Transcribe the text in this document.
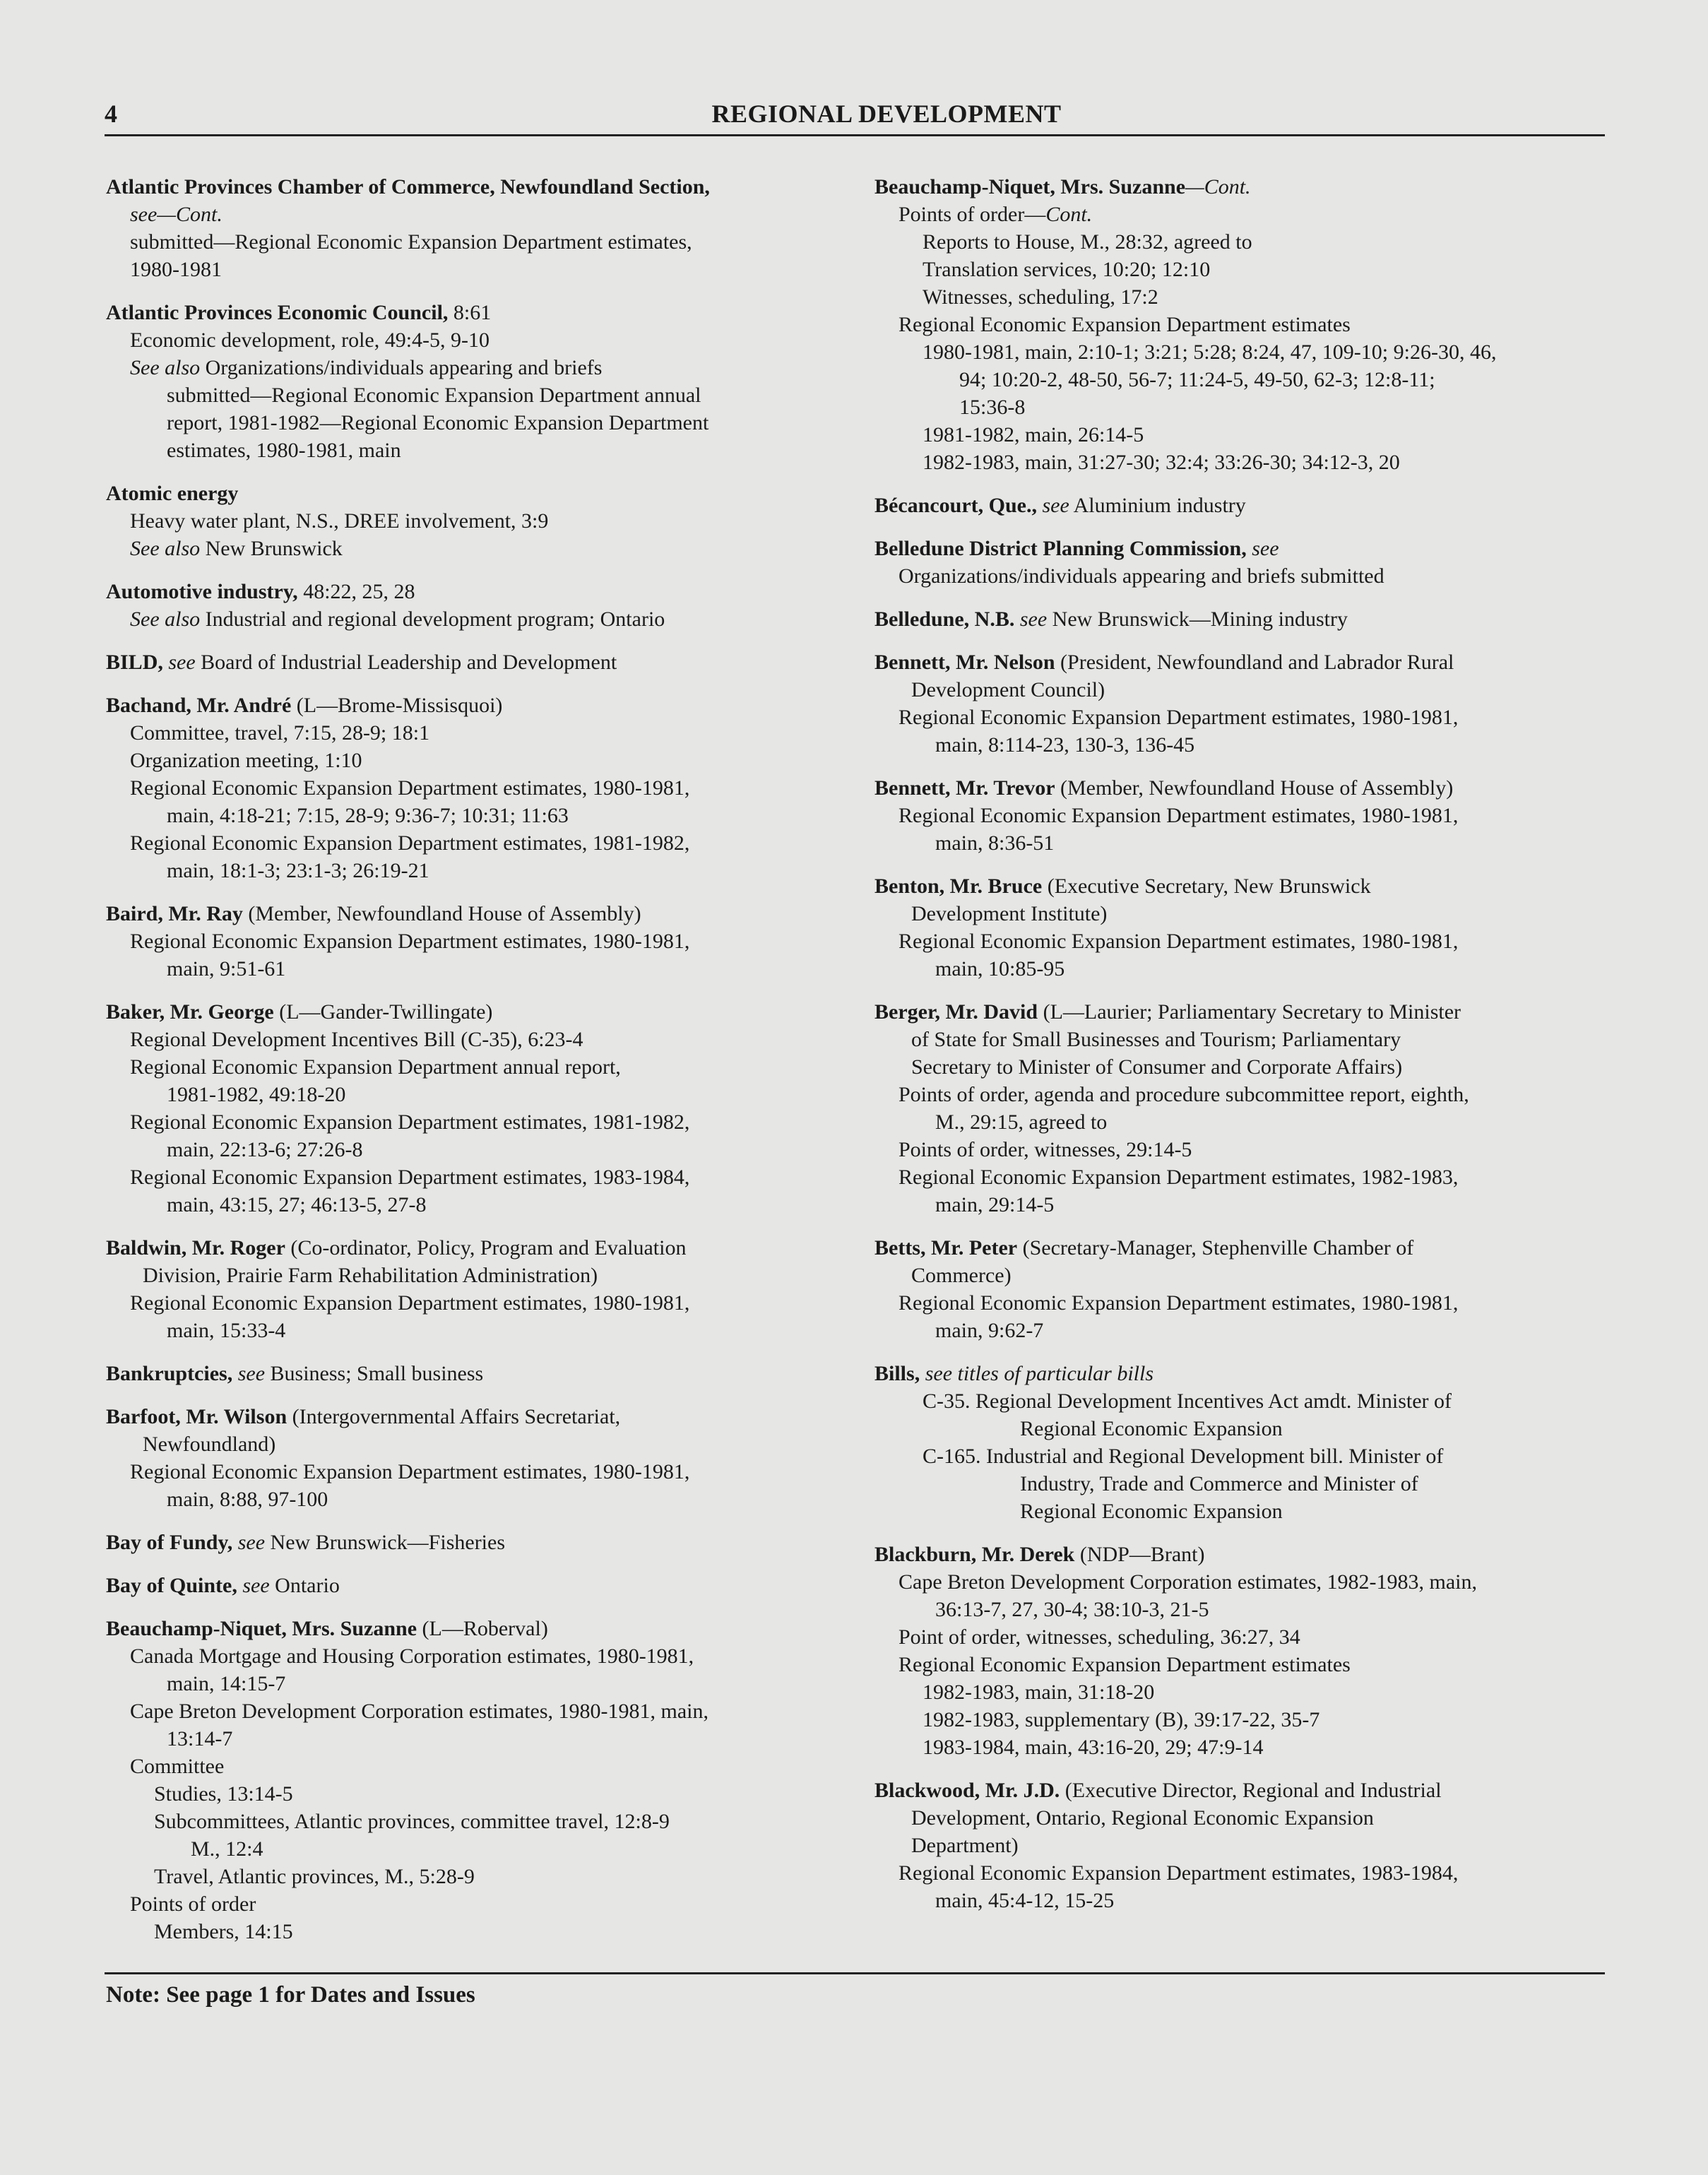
4	REGIONAL DEVELOPMENT
Atlantic Provinces Chamber of Commerce, Newfoundland Section,
see—Cont.
submitted—Regional Economic Expansion Department estimates,
1980-1981
Atlantic Provinces Economic Council, 8:61
Economic development, role, 49:4-5, 9-10
See also Organizations/individuals appearing and briefs
submitted—Regional Economic Expansion Department annual
report, 1981-1982—Regional Economic Expansion Department
estimates, 1980-1981, main
Atomic energy
Heavy water plant, N.S., DREE involvement, 3:9
See also New Brunswick
Automotive industry, 48:22, 25, 28
See also Industrial and regional development program; Ontario
BILD, see Board of Industrial Leadership and Development
Bachand, Mr. André (L—Brome-Missisquoi)
Committee, travel, 7:15, 28-9; 18:1
Organization meeting, 1:10
Regional Economic Expansion Department estimates, 1980-1981,
main, 4:18-21; 7:15, 28-9; 9:36-7; 10:31; 11:63
Regional Economic Expansion Department estimates, 1981-1982,
main, 18:1-3; 23:1-3; 26:19-21
Baird, Mr. Ray (Member, Newfoundland House of Assembly)
Regional Economic Expansion Department estimates, 1980-1981,
main, 9:51-61
Baker, Mr. George (L—Gander-Twillingate)
Regional Development Incentives Bill (C-35), 6:23-4
Regional Economic Expansion Department annual report,
1981-1982, 49:18-20
Regional Economic Expansion Department estimates, 1981-1982,
main, 22:13-6; 27:26-8
Regional Economic Expansion Department estimates, 1983-1984,
main, 43:15, 27; 46:13-5, 27-8
Baldwin, Mr. Roger (Co-ordinator, Policy, Program and Evaluation
Division, Prairie Farm Rehabilitation Administration)
Regional Economic Expansion Department estimates, 1980-1981,
main, 15:33-4
Bankruptcies, see Business; Small business
Barfoot, Mr. Wilson (Intergovernmental Affairs Secretariat,
Newfoundland)
Regional Economic Expansion Department estimates, 1980-1981,
main, 8:88, 97-100
Bay of Fundy, see New Brunswick—Fisheries
Bay of Quinte, see Ontario
Beauchamp-Niquet, Mrs. Suzanne (L—Roberval)
Canada Mortgage and Housing Corporation estimates, 1980-1981,
main, 14:15-7
Cape Breton Development Corporation estimates, 1980-1981, main,
13:14-7
Committee
Studies, 13:14-5
Subcommittees, Atlantic provinces, committee travel, 12:8-9
M., 12:4
Travel, Atlantic provinces, M., 5:28-9
Points of order
Members, 14:15
Beauchamp-Niquet, Mrs. Suzanne—Cont.
Points of order—Cont.
Reports to House, M., 28:32, agreed to
Translation services, 10:20; 12:10
Witnesses, scheduling, 17:2
Regional Economic Expansion Department estimates
1980-1981, main, 2:10-1; 3:21; 5:28; 8:24, 47, 109-10; 9:26-30, 46,
94; 10:20-2, 48-50, 56-7; 11:24-5, 49-50, 62-3; 12:8-11;
15:36-8
1981-1982, main, 26:14-5
1982-1983, main, 31:27-30; 32:4; 33:26-30; 34:12-3, 20
Bécancourt, Que., see Aluminium industry
Belledune District Planning Commission, see
Organizations/individuals appearing and briefs submitted
Belledune, N.B. see New Brunswick—Mining industry
Bennett, Mr. Nelson (President, Newfoundland and Labrador Rural
Development Council)
Regional Economic Expansion Department estimates, 1980-1981,
main, 8:114-23, 130-3, 136-45
Bennett, Mr. Trevor (Member, Newfoundland House of Assembly)
Regional Economic Expansion Department estimates, 1980-1981,
main, 8:36-51
Benton, Mr. Bruce (Executive Secretary, New Brunswick
Development Institute)
Regional Economic Expansion Department estimates, 1980-1981,
main, 10:85-95
Berger, Mr. David (L—Laurier; Parliamentary Secretary to Minister
of State for Small Businesses and Tourism; Parliamentary
Secretary to Minister of Consumer and Corporate Affairs)
Points of order, agenda and procedure subcommittee report, eighth,
M., 29:15, agreed to
Points of order, witnesses, 29:14-5
Regional Economic Expansion Department estimates, 1982-1983,
main, 29:14-5
Betts, Mr. Peter (Secretary-Manager, Stephenville Chamber of
Commerce)
Regional Economic Expansion Department estimates, 1980-1981,
main, 9:62-7
Bills, see titles of particular bills
C-35. Regional Development Incentives Act amdt. Minister of
Regional Economic Expansion
C-165. Industrial and Regional Development bill. Minister of
Industry, Trade and Commerce and Minister of
Regional Economic Expansion
Blackburn, Mr. Derek (NDP—Brant)
Cape Breton Development Corporation estimates, 1982-1983, main,
36:13-7, 27, 30-4; 38:10-3, 21-5
Point of order, witnesses, scheduling, 36:27, 34
Regional Economic Expansion Department estimates
1982-1983, main, 31:18-20
1982-1983, supplementary (B), 39:17-22, 35-7
1983-1984, main, 43:16-20, 29; 47:9-14
Blackwood, Mr. J.D. (Executive Director, Regional and Industrial
Development, Ontario, Regional Economic Expansion
Department)
Regional Economic Expansion Department estimates, 1983-1984,
main, 45:4-12, 15-25
Note: See page 1 for Dates and Issues
